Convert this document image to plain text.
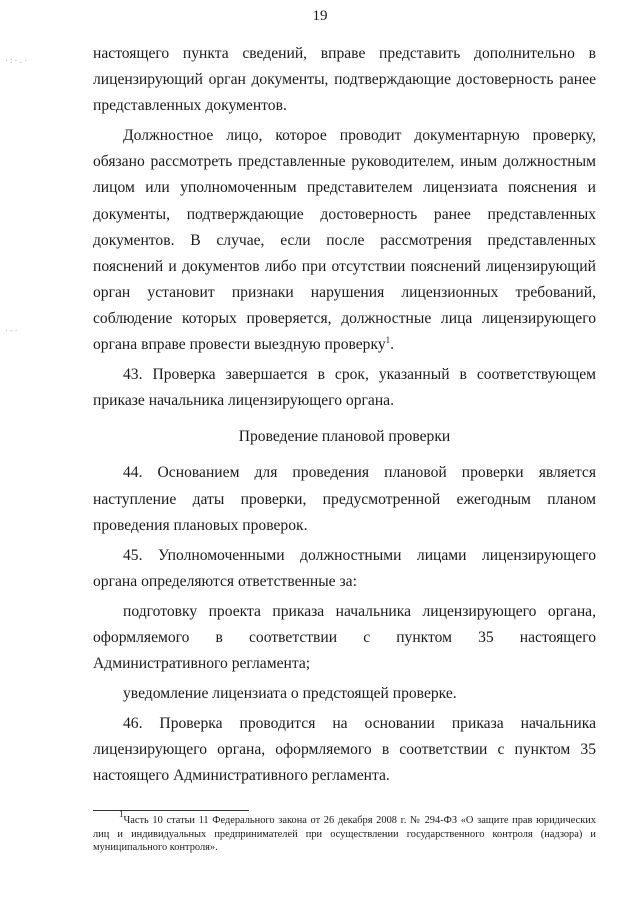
19
·:·.·
·-·

настоящего пункта сведений, вправе представить дополнительно в лицензирующий орган документы, подтверждающие достоверность ранее представленных документов.

Должностное лицо, которое проводит документарную проверку, обязано рассмотреть представленные руководителем, иным должностным лицом или уполномоченным представителем лицензиата пояснения и документы, подтверждающие достоверность ранее представленных документов. В случае, если после рассмотрения представленных пояснений и документов либо при отсутствии пояснений лицензирующий орган установит признаки нарушения лицензионных требований, соблюдение которых проверяется, должностные лица лицензирующего органа вправе провести выездную проверку$^1$.

43. Проверка завершается в срок, указанный в соответствующем приказе начальника лицензирующего органа.

Проведение плановой проверки

44. Основанием для проведения плановой проверки является наступление даты проверки, предусмотренной ежегодным планом проведения плановых проверок.

45. Уполномоченными должностными лицами лицензирующего органа определяются ответственные за:

подготовку проекта приказа начальника лицензирующего органа, оформляемого в соответствии с пунктом 35 настоящего Административного регламента;

уведомление лицензиата о предстоящей проверке.

46. Проверка проводится на основании приказа начальника лицензирующего органа, оформляемого в соответствии с пунктом 35 настоящего Административного регламента.

$^1$Часть 10 статьи 11 Федерального закона от 26 декабря 2008 г. № 294-ФЗ «О защите прав юридических лиц и индивидуальных предпринимателей при осуществлении государственного контроля (надзора) и муниципального контроля».
